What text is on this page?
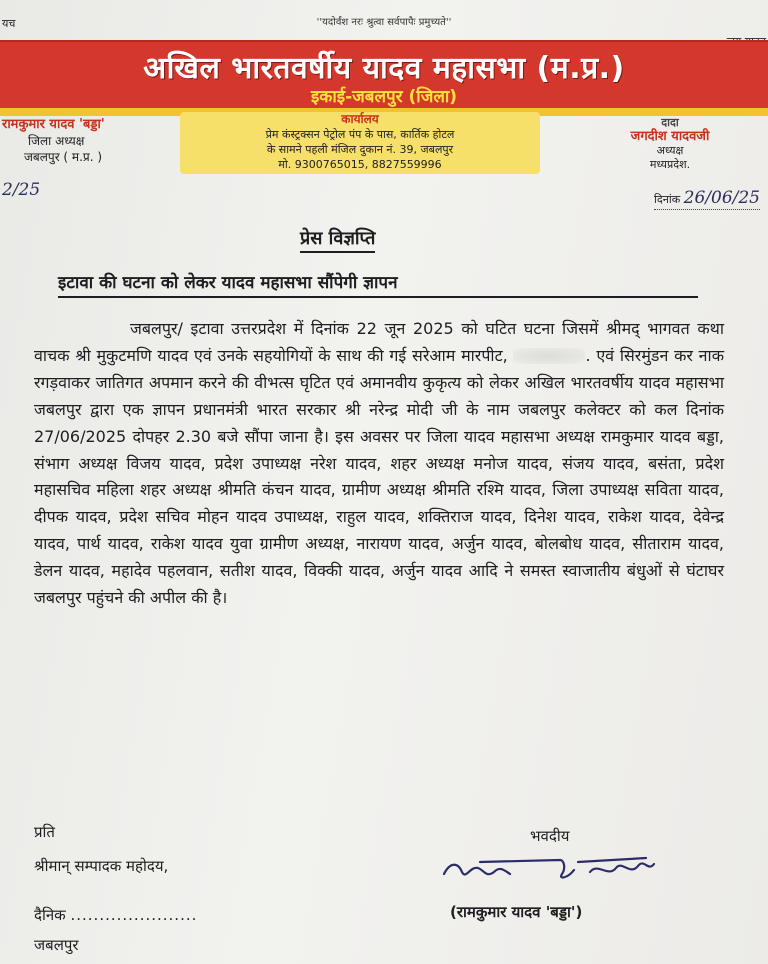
''यदोर्वंश नरः श्रुत्वा सर्वपापैः प्रमुच्यते''
यच
अखिल भारतवर्षीय यादव महासभा (म.प्र.)
इकाई-जबलपुर (जिला)
रामकुमार यादव 'बड्डा'
जिला अध्यक्ष
जबलपुर ( म.प्र. )
कार्यालय
प्रेम कंस्ट्रक्सन पेट्रोल पंप के पास, कार्तिक होटल
के सामने पहली मंजिल दुकान नं. 39, जबलपुर
मो. 9300765015, 8827559996
दादा
जगदीश यादवजी
अध्यक्ष
मध्यप्रदेश.
2/25	दिनांक 26/06/25
प्रेस विज्ञप्ति
इटावा की घटना को लेकर यादव महासभा सौंपेगी ज्ञापन
जबलपुर/ इटावा उत्तरप्रदेश में दिनांक 22 जून 2025 को घटित घटना जिसमें श्रीमद् भागवत कथा वाचक श्री मुकुटमणि यादव एवं उनके सहयोगियों के साथ की गई सरेआम मारपीट,	. एवं सिरमुंडन कर नाक रगड़वाकर जातिगत अपमान करने की वीभत्स घृटित एवं अमानवीय कुकृत्य को लेकर अखिल भारतवर्षीय यादव महासभा जबलपुर द्वारा एक ज्ञापन प्रधानमंत्री भारत सरकार श्री नरेन्द्र मोदी जी के नाम जबलपुर कलेक्टर को कल दिनांक 27/06/2025 दोपहर 2.30 बजे सौंपा जाना है। इस अवसर पर जिला यादव महासभा अध्यक्ष रामकुमार यादव बड्डा, संभाग अध्यक्ष विजय यादव, प्रदेश उपाध्यक्ष नरेश यादव, शहर अध्यक्ष मनोज यादव, संजय यादव, बसंता, प्रदेश महासचिव महिला शहर अध्यक्ष श्रीमति कंचन यादव, ग्रामीण अध्यक्ष श्रीमति रश्मि यादव, जिला उपाध्यक्ष सविता यादव, दीपक यादव, प्रदेश सचिव मोहन यादव उपाध्यक्ष, राहुल यादव, शक्तिराज यादव, दिनेश यादव, राकेश यादव, देवेन्द्र यादव, पार्थ यादव, राकेश यादव युवा ग्रामीण अध्यक्ष, नारायण यादव, अर्जुन यादव, बोलबोध यादव, सीताराम यादव, डेलन यादव, महादेव पहलवान, सतीश यादव, विक्की यादव, अर्जुन यादव आदि ने समस्त स्वाजातीय बंधुओं से घंटाघर जबलपुर पहुंचने की अपील की है।
प्रति
श्रीमान् सम्पादक महोदय,
दैनिक ......................
जबलपुर
भवदीय
(रामकुमार यादव 'बड्डा')
